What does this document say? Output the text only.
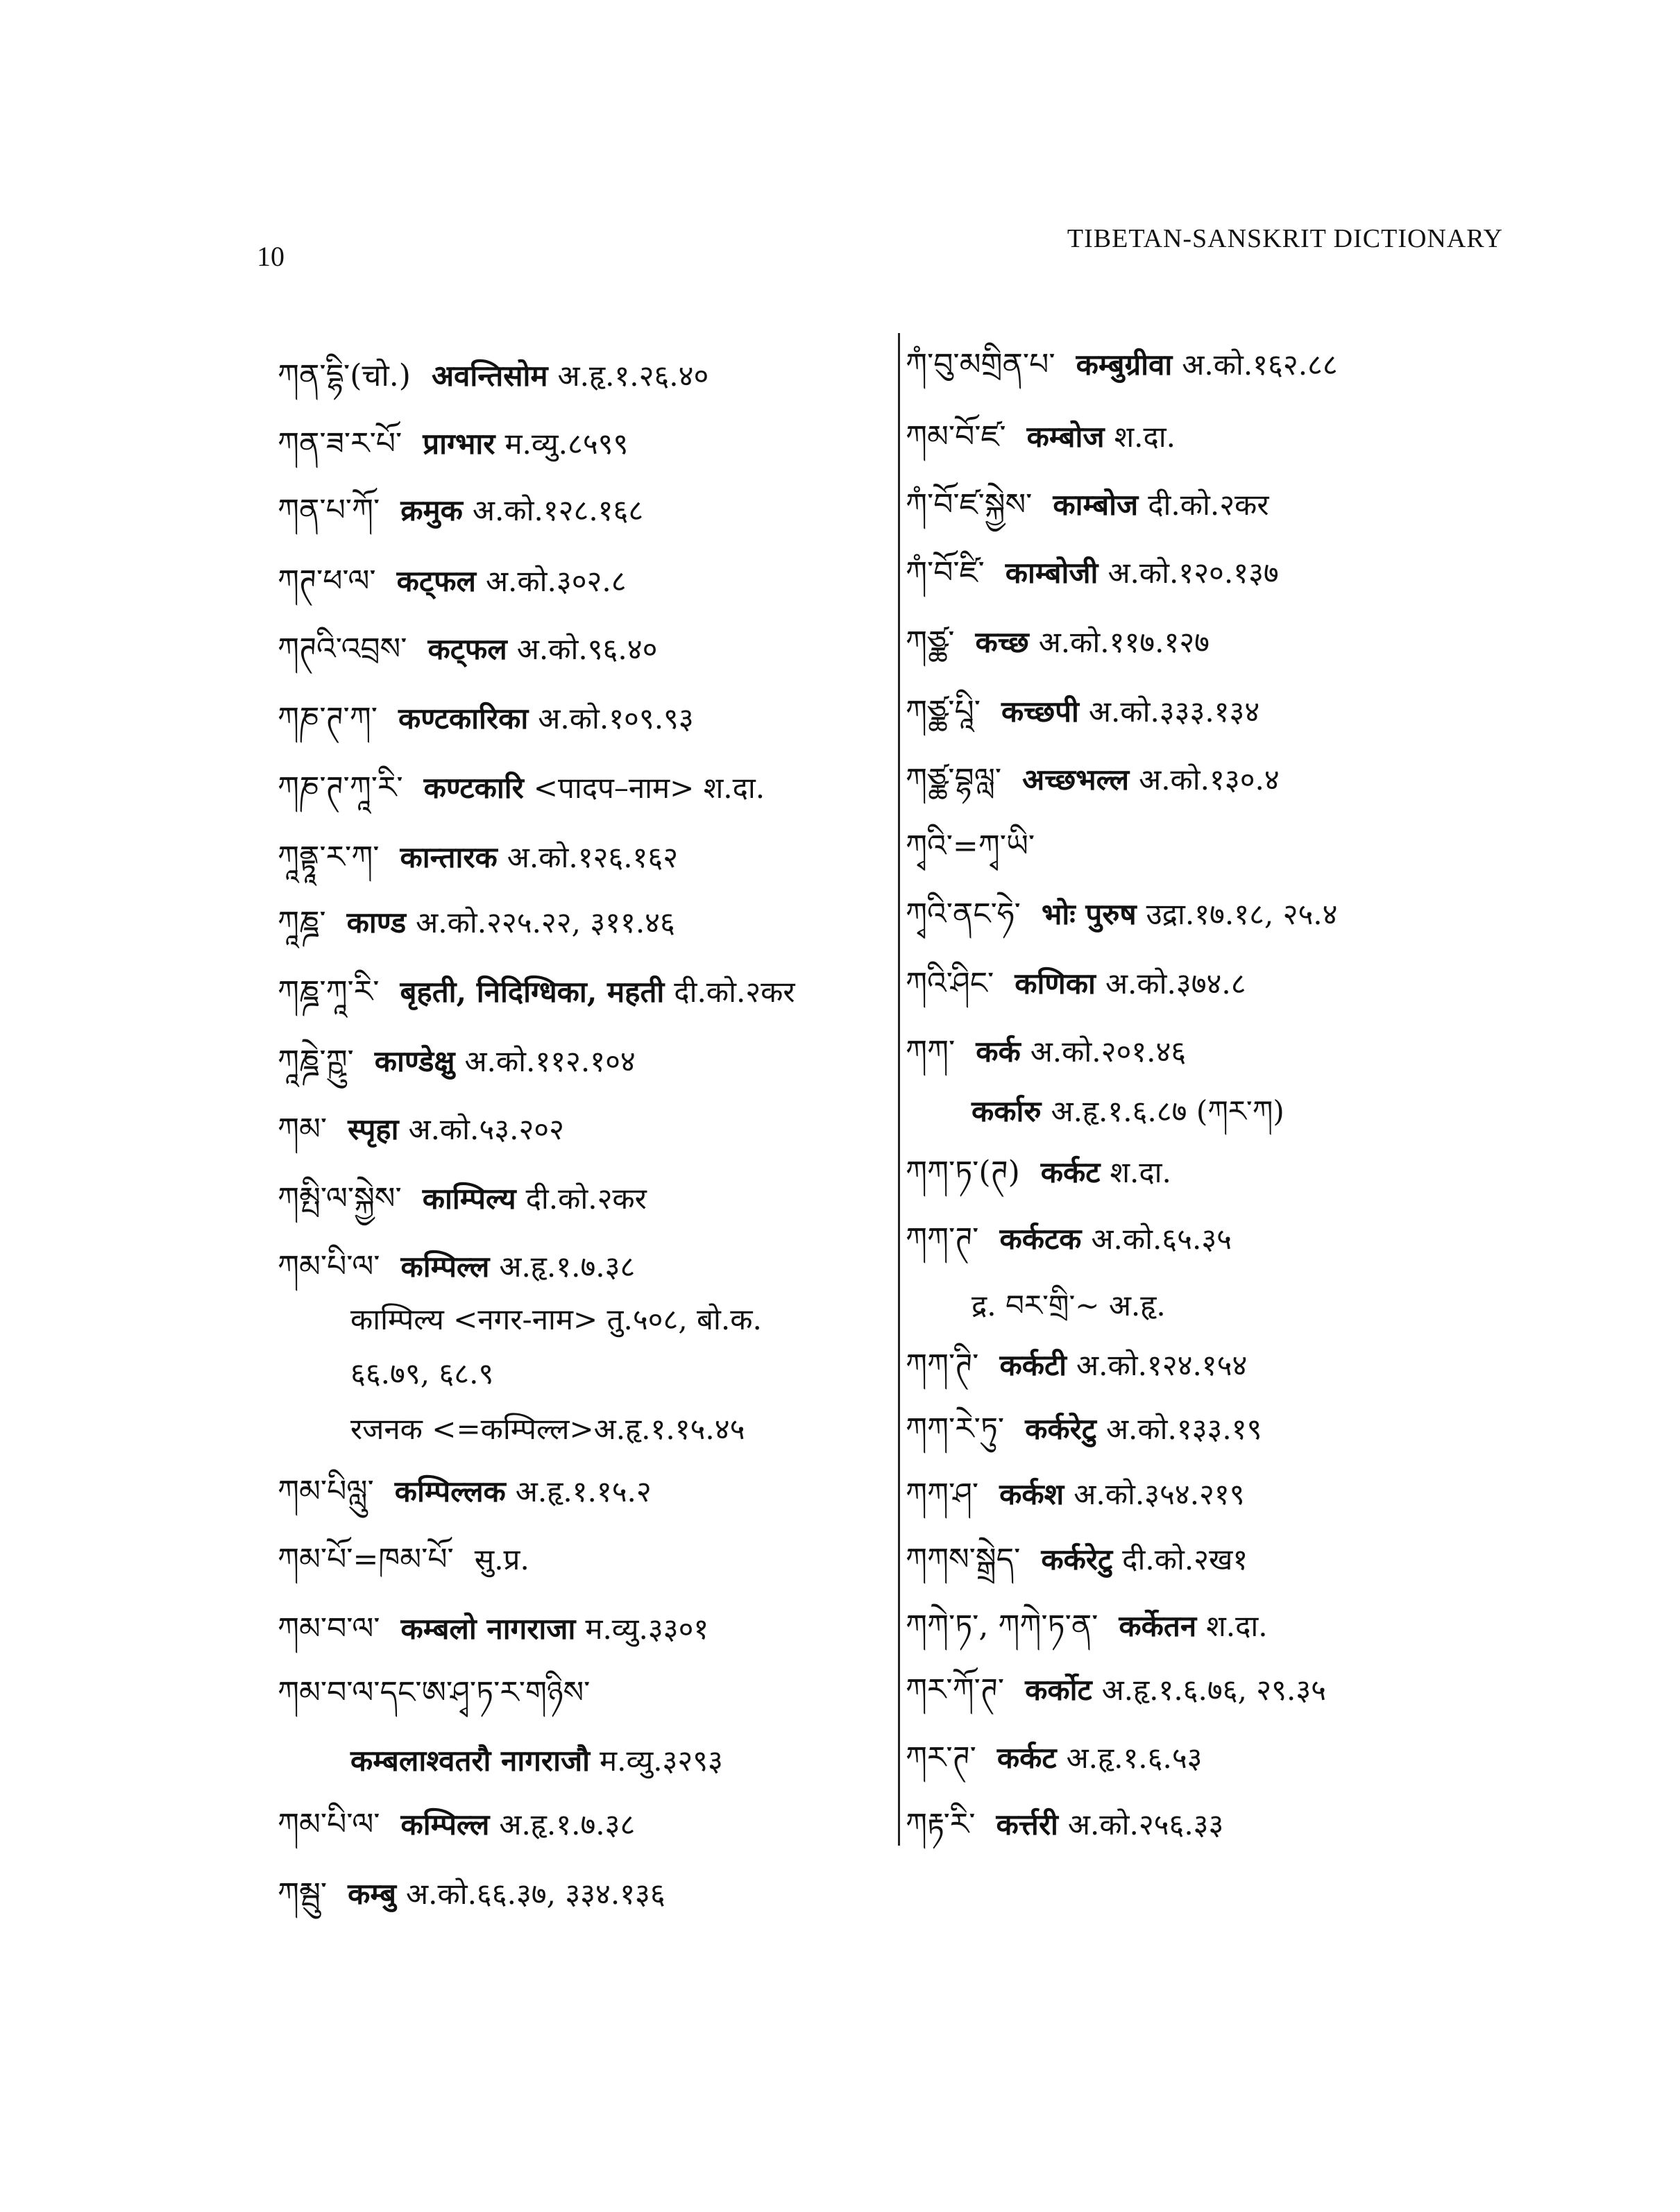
10
TIBETAN-SANSKRIT DICTIONARY
ཀན་དྷི་(चो.) अवन्तिसोम अ.हृ.१.२६.४०
ཀན་ཟ་ར་པོ་ प्राग्भार म.व्यु.८५९९
ཀན་པ་ཀོ་ क्रमुक अ.को.१२८.१६८
ཀཊ་ཕ་ལ་ कट्फल अ.को.३०२.८
ཀཊའི་འབྲས་ कट्फल अ.को.९६.४०
ཀཎ་ཊ་ཀ་ कण्टकारिका अ.को.१०९.९३
ཀཎ་ཊ་ཀཱ་རི་ कण्टकारि <पादप–नाम> श.दा.
ཀཱནྟཱ་ར་ཀ་ कान्तारक अ.को.१२६.१६२
ཀཱཎྜ་ काण्ड अ.को.२२५.२२, ३११.४६
ཀཎྜ་ཀཱ་རི་ बृहती, निदिग्धिका, महती दी.को.२कर
ཀཱཎྜེ་ཀྵུ་ काण्डेक्षु अ.को.११२.१०४
ཀམ་ स्पृहा अ.को.५३.२०२
ཀམྤི་ལ་སྐྱེས་ काम्पिल्य दी.को.२कर
ཀམ་པི་ལ་ कम्पिल्ल अ.हृ.१.७.३८
काम्पिल्य <नगर-नाम> तु.५०८, बो.क.
६६.७९, ६८.९
रजनक <=कम्पिल्ल>अ.हृ.१.१५.४५
ཀམ་པིལླུ་ कम्पिल्लक अ.हृ.१.१५.२
ཀམ་པོ་=ཁམ་པོ་ सु.प्र.
ཀམ་བ་ལ་ कम्बलो नागराजा म.व्यु.३३०१
ཀམ་བ་ལ་དང་ཨ་ཤྭ་ཏ་ར་གཉིས་
कम्बलाश्वतरौ नागराजौ म.व्यु.३२९३
ཀམ་པི་ལ་ कम्पिल्ल अ.हृ.१.७.३८
ཀམྦུ་ कम्बु अ.को.६६.३७, ३३४.१३६
ཀཾ་བུ་མགྲིན་པ་ कम्बुग्रीवा अ.को.१६२.८८
ཀམ་བོ་ཛ་ कम्बोज श.दा.
ཀཾ་བོ་ཛ་སྐྱེས་ काम्बोज दी.को.२कर
ཀཾ་བོ་ཛི་ काम्बोजी अ.को.१२०.१३७
ཀཙྪ་ कच्छ अ.को.११७.१२७
ཀཙྪ་པཱི་ कच्छपी अ.को.३३३.१३४
ཀཙྪ་བྷལླ་ अच्छभल्ल अ.को.१३०.४
ཀྭའི་=ཀྭ་ཡི་
ཀྭའི་ནང་ཧེ་ भोः पुरुष उद्रा.१७.१८, २५.४
ཀའི་ཤིང་ कणिका अ.को.३७४.८
ཀཀ་ कर्क अ.को.२०१.४६
कर्कारु अ.हृ.१.६.८७ (ཀར་ཀ)
ཀཀ་ཏ་(ཊ) कर्कट श.दा.
ཀཀ་ཊ་ कर्कटक अ.को.६५.३५
द्र. བར་གྲི་~ अ.हृ.
ཀཀ་ཊི་ कर्कटी अ.को.१२४.१५४
ཀཀ་རེ་ཏུ་ कर्करेटु अ.को.१३३.१९
ཀཀ་ཤ་ कर्कश अ.को.३५४.२१९
ཀཀས་སྒྲེད་ कर्करेटु दी.को.२ख१
ཀཀེ་ཏ་, ཀཀེ་ཏ་ན་ कर्केतन श.दा.
ཀར་ཀོ་ཊ་ कर्कोट अ.हृ.१.६.७६, २९.३५
ཀར་ཊ་ कर्कट अ.हृ.१.६.५३
ཀརྟ་རི་ कर्त्तरी अ.को.२५६.३३
